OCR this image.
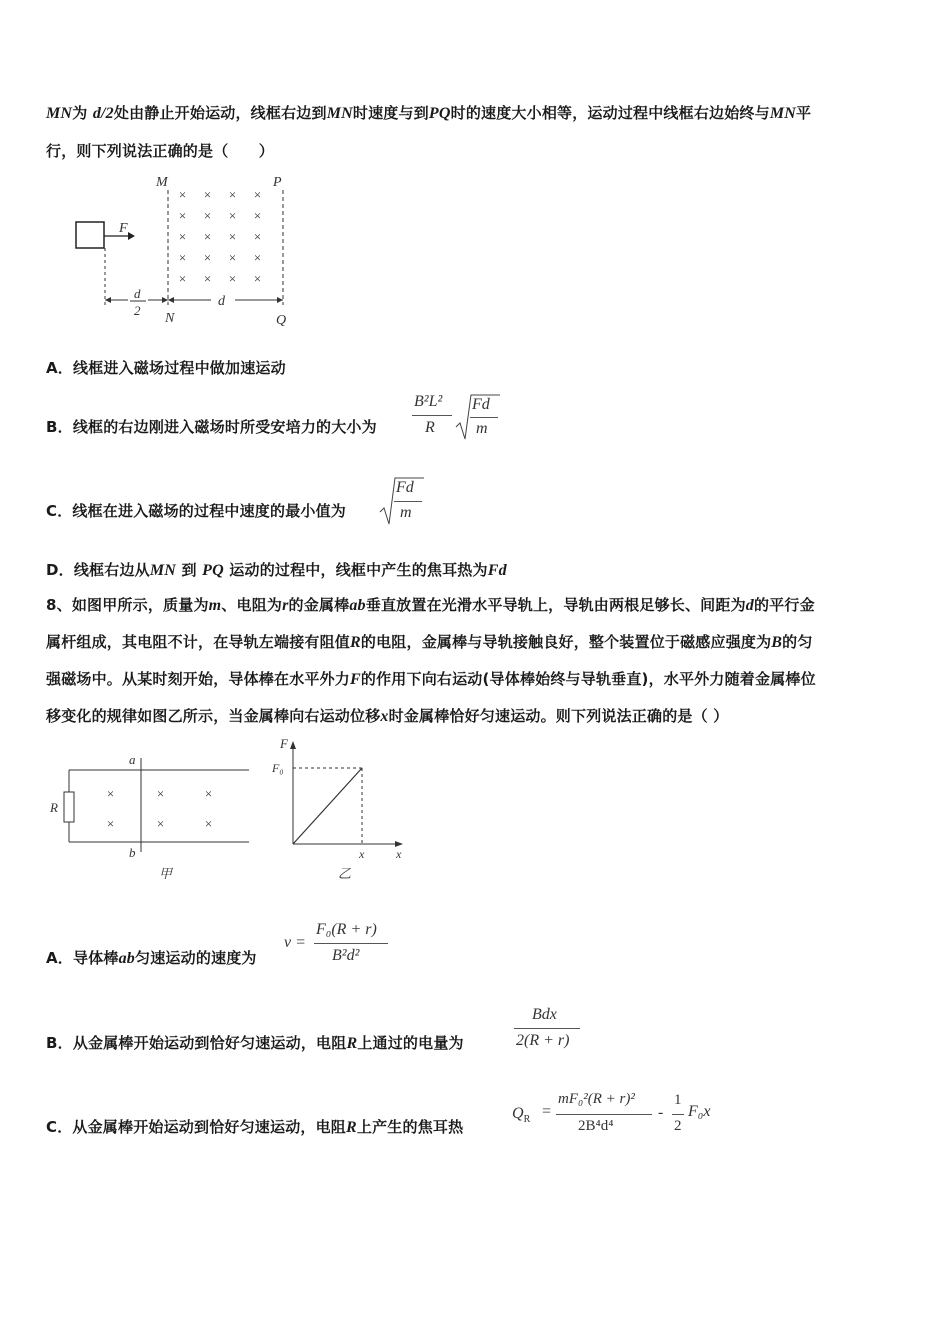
MN为 d/2处由静止开始运动，线框右边到MN时速度与到PQ时的速度大小相等，运动过程中线框右边始终与MN平
行，则下列说法正确的是（　　）
F
M	P
N	Q
d
d
2
× × × ×
× × × ×
× × × ×
× × × ×
× × × ×
A．线框进入磁场过程中做加速运动
B．线框的右边刚进入磁场时所受安培力的大小为
B²L²
R
Fd
m
C．线框在进入磁场的过程中速度的最小值为
Fd
m
D．线框右边从MN 到 PQ 运动的过程中，线框中产生的焦耳热为Fd
8、如图甲所示，质量为m、电阻为r的金属棒ab垂直放置在光滑水平导轨上，导轨由两根足够长、间距为d的平行金
属杆组成，其电阻不计，在导轨左端接有阻值R的电阻，金属棒与导轨接触良好，整个装置位于磁感应强度为B的匀
强磁场中。从某时刻开始，导体棒在水平外力F的作用下向右运动(导体棒始终与导轨垂直)，水平外力随着金属棒位
移变化的规律如图乙所示，当金属棒向右运动位移x时金属棒恰好匀速运动。则下列说法正确的是（ ）
R
a
b
×	×	×
×	×	×
甲
F
F₀
x	x
乙
A．导体棒ab匀速运动的速度为
v =
F₀(R + r)
B²d²
B．从金属棒开始运动到恰好匀速运动，电阻R上通过的电量为
Bdx
2(R + r)
C．从金属棒开始运动到恰好匀速运动，电阻R上产生的焦耳热
$Q_R$ =
mF₀²(R + r)²
2B⁴d⁴
-
1
2
F₀x
